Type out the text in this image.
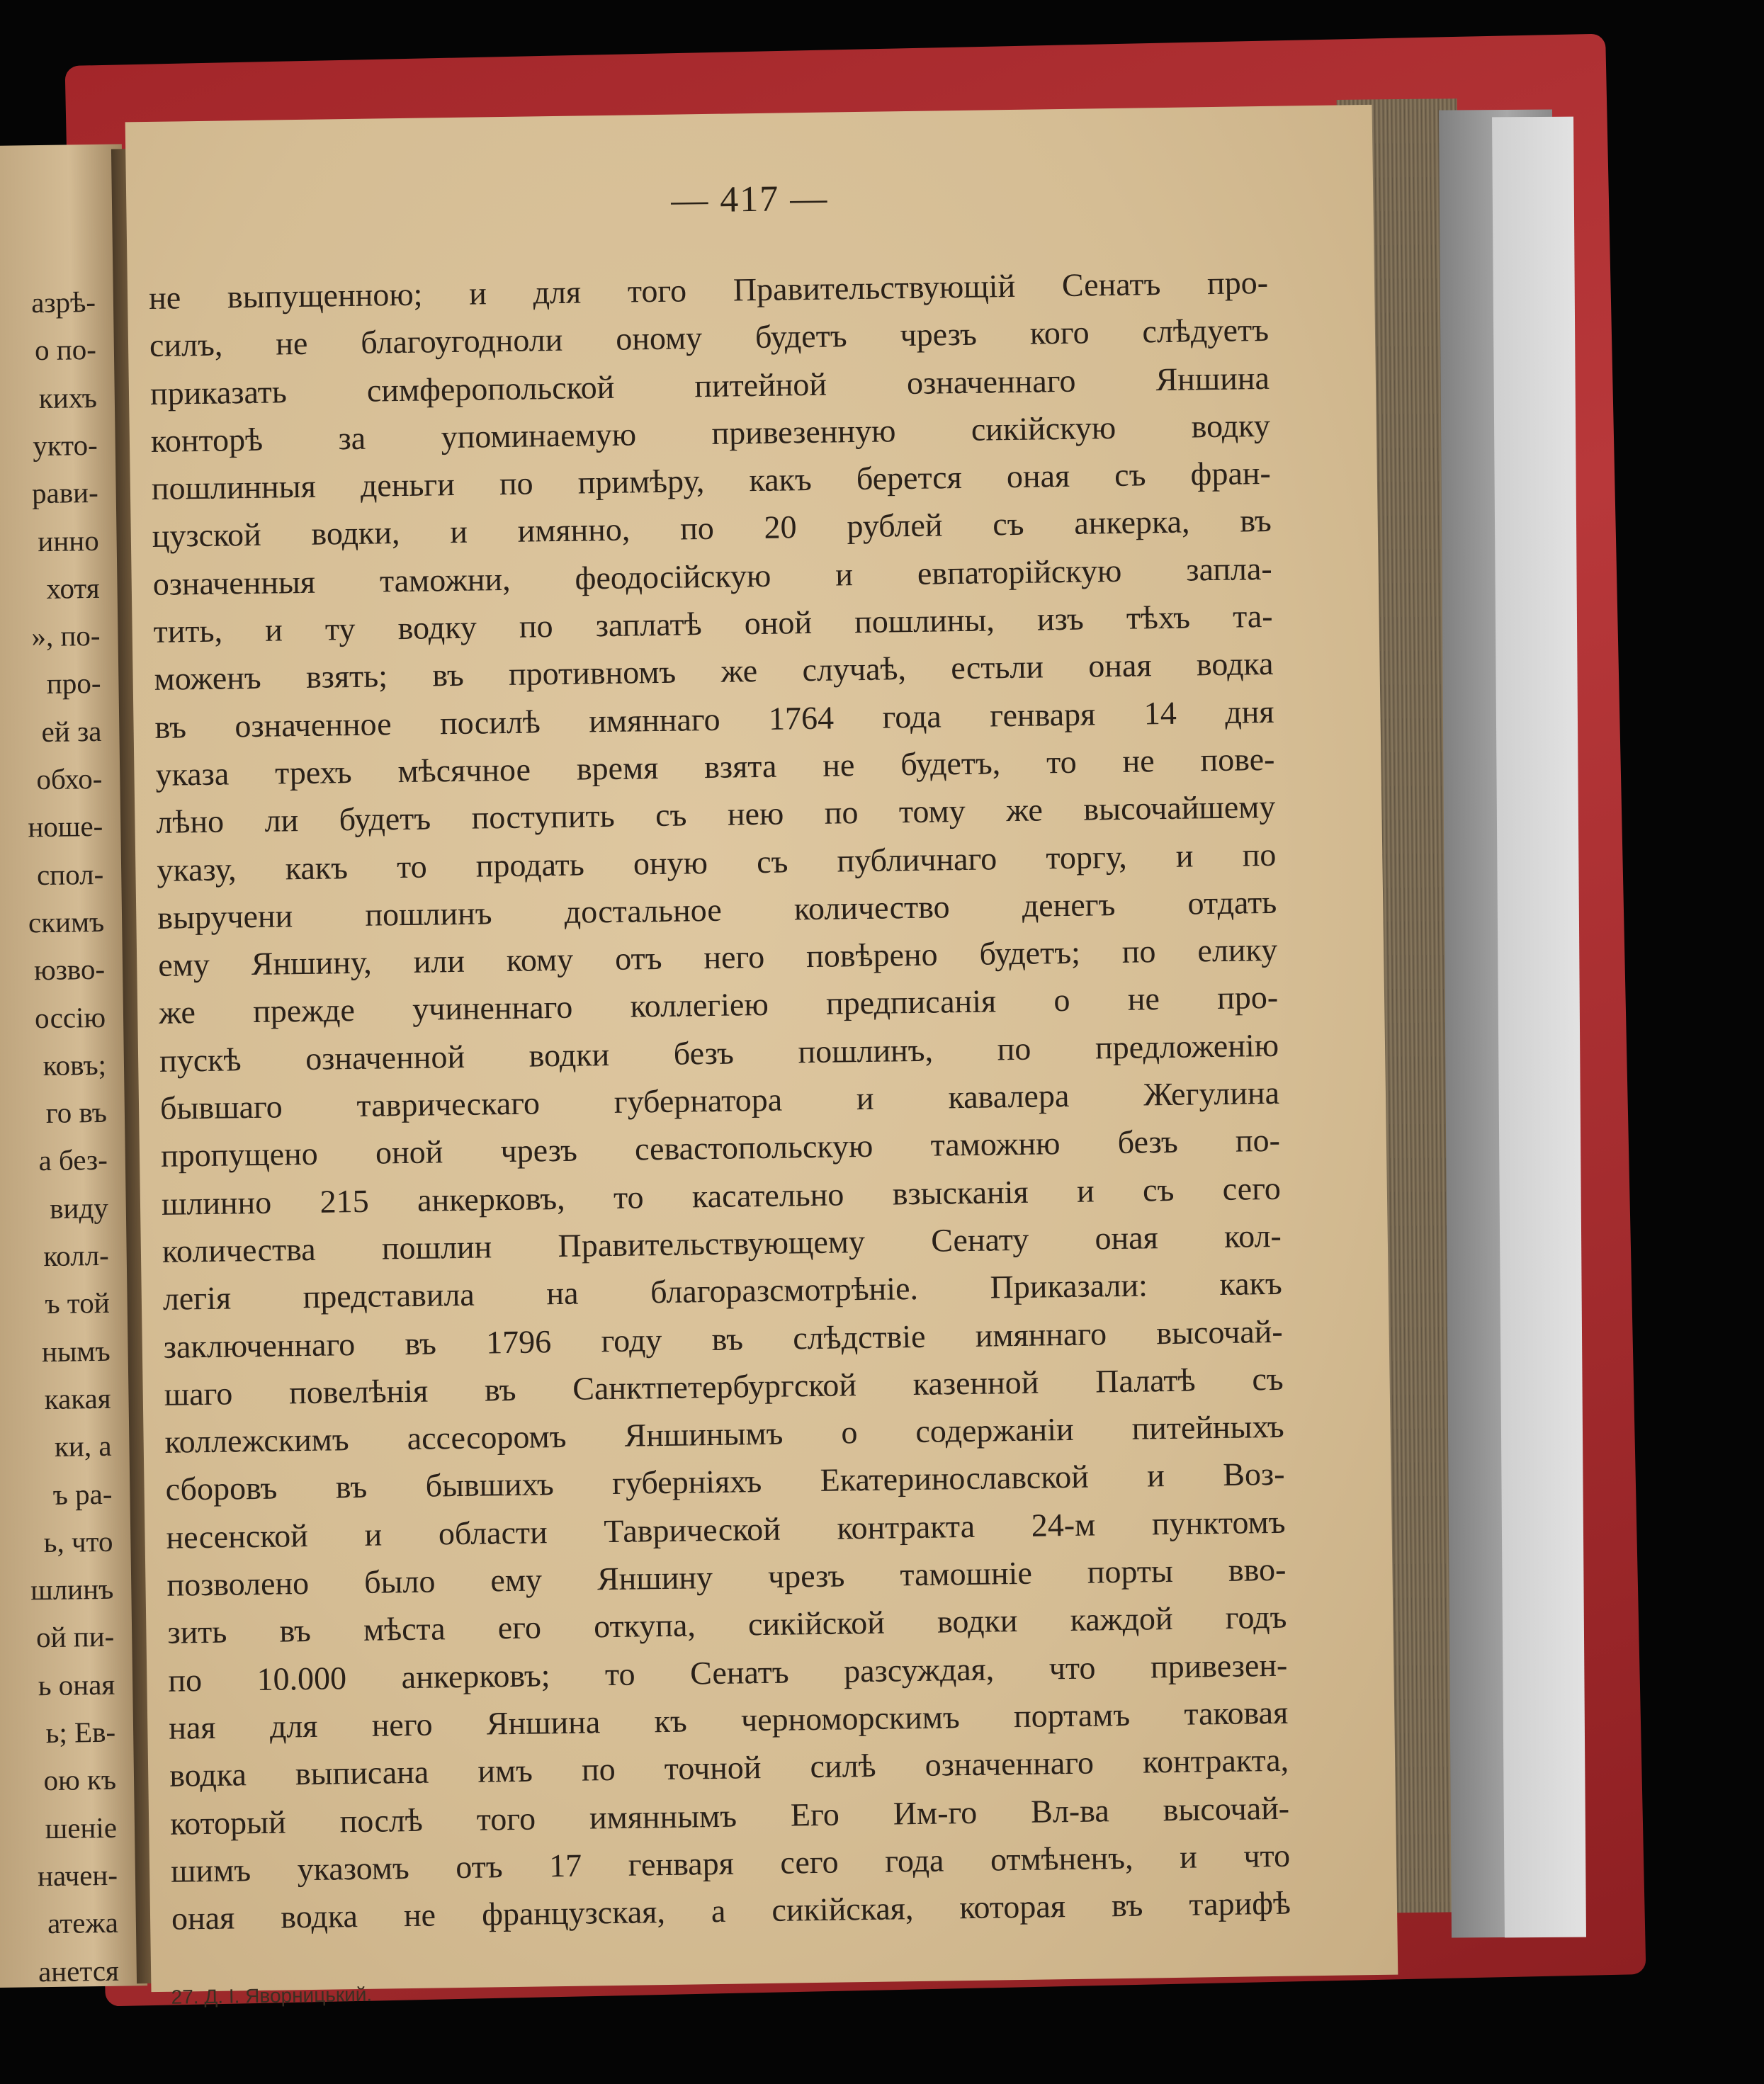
азрѣ-
о по-
кихъ
укто-
рави-
инно
хотя
», по-
про-
ей за
обхо-
ноше-
спол-
скимъ
юзво-
оссію
ковъ;
го въ
а без-
виду
колл-
ъ той
нымъ
какая
ки, а
ъ ра-
ь, что
шлинъ
ой пи-
ь оная
ь; Ев-
ою къ
шеніе
начен-
атежа
анется
— 417 —
не выпущенною; и для того Правительствующій Сенатъ про-
силъ, не благоугодноли оному будетъ чрезъ кого слѣдуетъ
приказать симферопольской питейной означеннаго Яншина
конторѣ за упоминаемую привезенную сикійскую водку
пошлинныя деньги по примѣру, какъ берется оная съ фран-
цузской водки, и имянно, по 20 рублей съ анкерка, въ
означенныя таможни, феодосійскую и евпаторійскую запла-
тить, и ту водку по заплатѣ оной пошлины, изъ тѣхъ та-
моженъ взять; въ противномъ же случаѣ, естьли оная водка
въ означенное посилѣ имяннаго 1764 года генваря 14 дня
указа трехъ мѣсячное время взята не будетъ, то не пове-
лѣно ли будетъ поступить съ нею по тому же высочайшему
указу, какъ то продать оную съ публичнаго торгу, и по
выручени пошлинъ достальное количество денегъ отдать
ему Яншину, или кому отъ него повѣрено будетъ; по елику
же прежде учиненнаго коллегіею предписанія о не про-
пускѣ означенной водки безъ пошлинъ, по предложенію
бывшаго таврическаго губернатора и кавалера Жегулина
пропущено оной чрезъ севастопольскую таможню безъ по-
шлинно 215 анкерковъ, то касательно взысканія и съ сего
количества пошлин Правительствующему Сенату оная кол-
легія представила на благоразсмотрѣніе. Приказали: какъ
заключеннаго въ 1796 году въ слѣдствіе имяннаго высочай-
шаго повелѣнія въ Санктпетербургской казенной Палатѣ съ
коллежскимъ ассесоромъ Яншинымъ о содержаніи питейныхъ
сборовъ въ бывшихъ губерніяхъ Екатеринославской и Воз-
несенской и области Таврической контракта 24-м пунктомъ
позволено было ему Яншину чрезъ тамошніе порты вво-
зить въ мѣста его откупа, сикійской водки каждой годъ
по 10.000 анкерковъ; то Сенатъ разсуждая, что привезен-
ная для него Яншина къ черноморскимъ портамъ таковая
водка выписана имъ по точной силѣ означеннаго контракта,
который послѣ того имяннымъ Его Им-го Вл-ва высочай-
шимъ указомъ отъ 17 генваря сего года отмѣненъ, и что
оная водка не французская, а сикійская, которая въ тарифѣ
27. Д. І. Яворницький.
